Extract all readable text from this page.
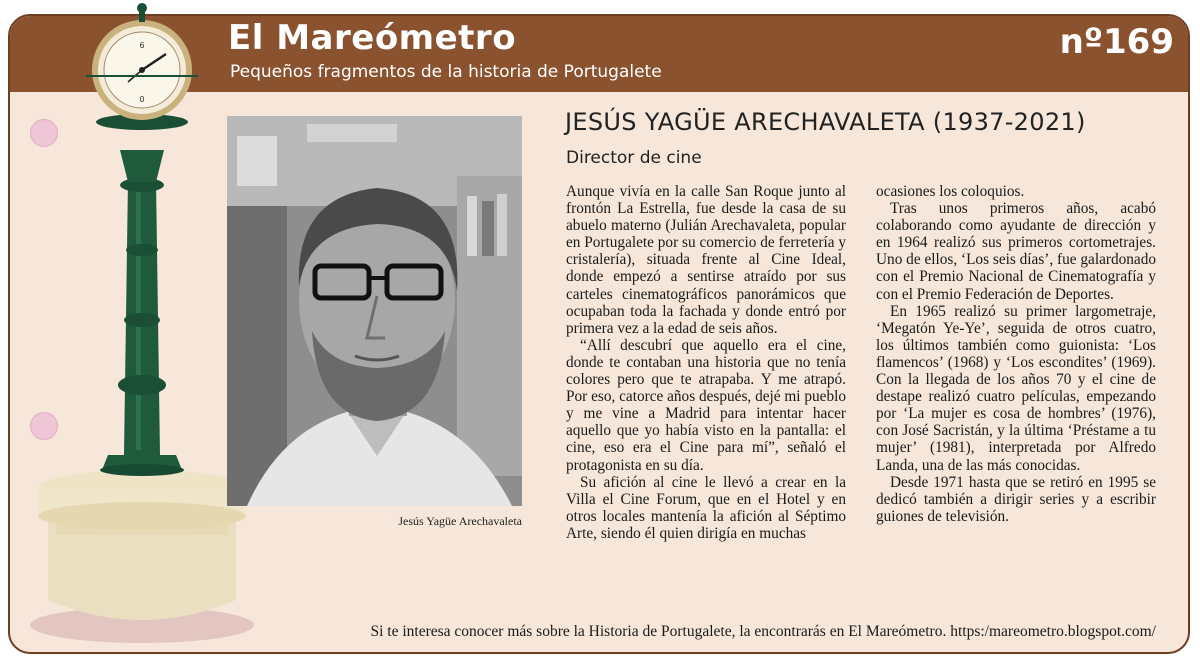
El Mareómetro
Pequeños fragmentos de la historia de Portugalete
nº169
6
0
Jesús Yagüe Arechavaleta
JESÚS YAGÜE ARECHAVALETA (1937-2021)
Director de cine

Aunque vivía en la calle San Roque junto al frontón La Estrella, fue desde la casa de su abuelo materno (Julián Arechavaleta, popular en Portugalete por su comercio de ferretería y cristalería), situada frente al Cine Ideal, donde empezó a sentirse atraído por sus carteles cinematográficos panorámicos que ocupaban toda la fachada y donde entró por primera vez a la edad de seis años.

“Allí descubrí que aquello era el cine, donde te contaban una historia que no tenía colores pero que te atrapaba. Y me atrapó. Por eso, catorce años después, dejé mi pueblo y me vine a Madrid para intentar hacer aquello que yo había visto en la pantalla: el cine, eso era el Cine para mí”, señaló el protagonista en su día.

Su afición al cine le llevó a crear en la Villa el Cine Forum, que en el Hotel y en otros locales mantenía la afición al Séptimo Arte, siendo él quien dirigía en muchas

ocasiones los coloquios.

Tras unos primeros años, acabó colaborando como ayudante de dirección y en 1964 realizó sus primeros cortometrajes. Uno de ellos, ‘Los seis días’, fue galardonado con el Premio Nacional de Cinematografía y con el Premio Federación de Deportes.

En 1965 realizó su primer largometraje, ‘Megatón Ye-Ye’, seguida de otros cuatro, los últimos también como guionista: ‘Los flamencos’ (1968) y ‘Los escondites’ (1969). Con la llegada de los años 70 y el cine de destape realizó cuatro películas, empezando por ‘La mujer es cosa de hombres’ (1976), con José Sacristán, y la última ‘Préstame a tu mujer’ (1981), interpretada por Alfredo Landa, una de las más conocidas.

Desde 1971 hasta que se retiró en 1995 se dedicó también a dirigir series y a escribir guiones de televisión.

Si te interesa conocer más sobre la Historia de Portugalete, la encontrarás en El Mareómetro. https:/mareometro.blogspot.com/
